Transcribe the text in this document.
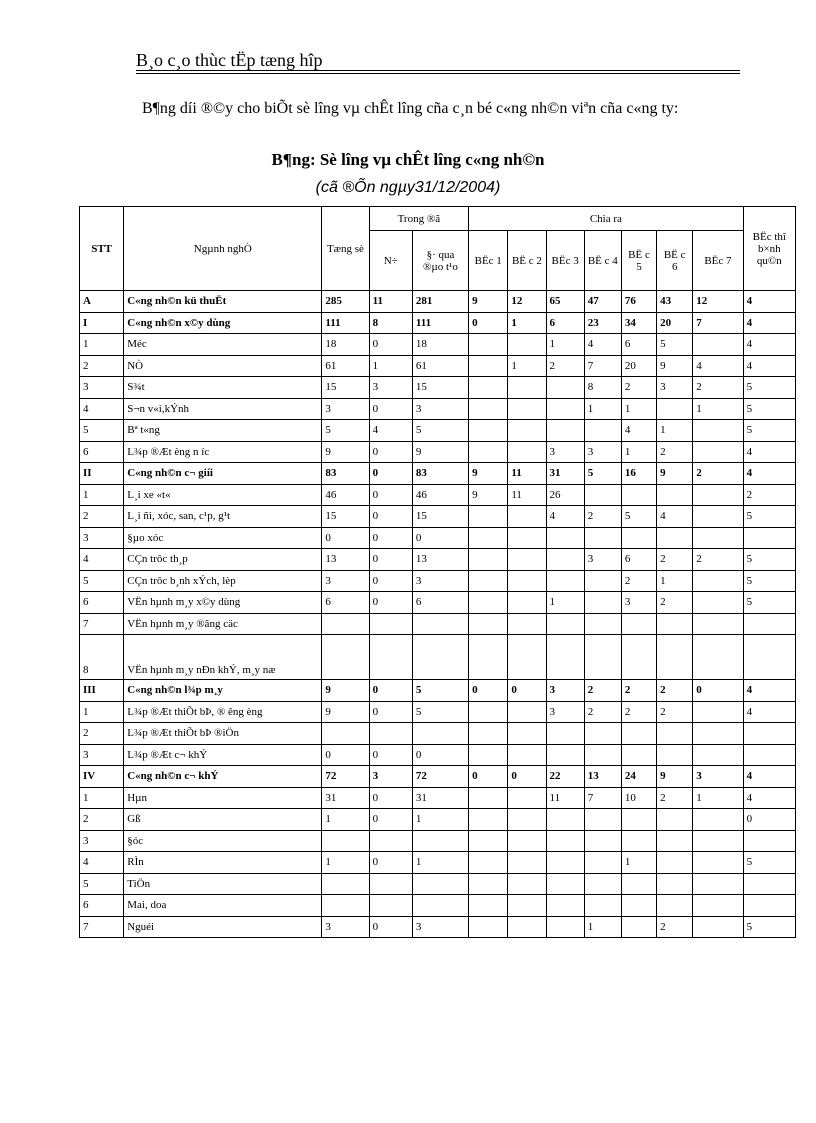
B¸o c¸o thùc tËp tæng hîp
B¶ng díi ®©y cho biÕt sè lîng vµ chÊt lîng cña c¸n bé c«ng nh©n viªn cña c«ng ty:
B¶ng: Sè lîng vµ chÊt lîng c«ng nh©n
(cã ®Õn ngµy31/12/2004)
STT	Ngµnh nghÒ	Tæng sè	Trong ®ã		Chia ra							BËc thî b×nh qu©n
			N÷	§· qua ®µo t¹o	BËc 1	BË c 2	BËc 3	BË c 4	BË c 5	BË c 6	BËc 7	
A	C«ng nh©n kü thuËt	285	11	281	9	12	65	47	76	43	12	4
I	C«ng nh©n x©y dùng	111	8	111	0	1	6	23	34	20	7	4
1	Méc	18	0	18			1	4	6	5		4
2	NÒ	61	1	61		1	2	7	20	9	4	4
3	S¾t	15	3	15				8	2	3	2	5
4	S¬n v«i,kÝnh	3	0	3				1	1		1	5
5	Bª t«ng	5	4	5					4	1		5
6	L¾p ®Æt èng n íc	9	0	9			3	3	1	2		4
II	C«ng nh©n c¬ giíi	83	0	83	9	11	31	5	16	9	2	4
1	L¸i xe «t«	46	0	46	9	11	26					2
2	L¸i ñi, xóc, san, c¹p, g¹t	15	0	15			4	2	5	4		5
3	§µo xóc	0	0	0								
4	CÇn trôc th¸p	13	0	13				3	6	2	2	5
5	CÇn trôc b¸nh xÝch, lèp	3	0	3					2	1		5
6	VËn hµnh m¸y x©y dùng	6	0	6			1		3	2		5
7	VËn hµnh m¸y ®ãng cäc											
8	VËn hµnh m¸y nÐn khÝ, m¸y næ											
III	C«ng nh©n l¾p m¸y	9	0	5	0	0	3	2	2	2	0	4
1	L¾p ®Æt thiÕt bÞ, ® êng èng	9	0	5			3	2	2	2		4
2	L¾p ®Æt thiÕt bÞ ®iÖn											
3	L¾p ®Æt c¬ khÝ	0	0	0								
IV	C«ng nh©n c¬ khÝ	72	3	72	0	0	22	13	24	9	3	4
1	Hµn	31	0	31			11	7	10	2	1	4
2	Gß	1	0	1								0
3	§óc											
4	RÌn	1	0	1					1			5
5	TiÖn											
6	Mai, doa											
7	Nguéi	3	0	3				1		2		5
